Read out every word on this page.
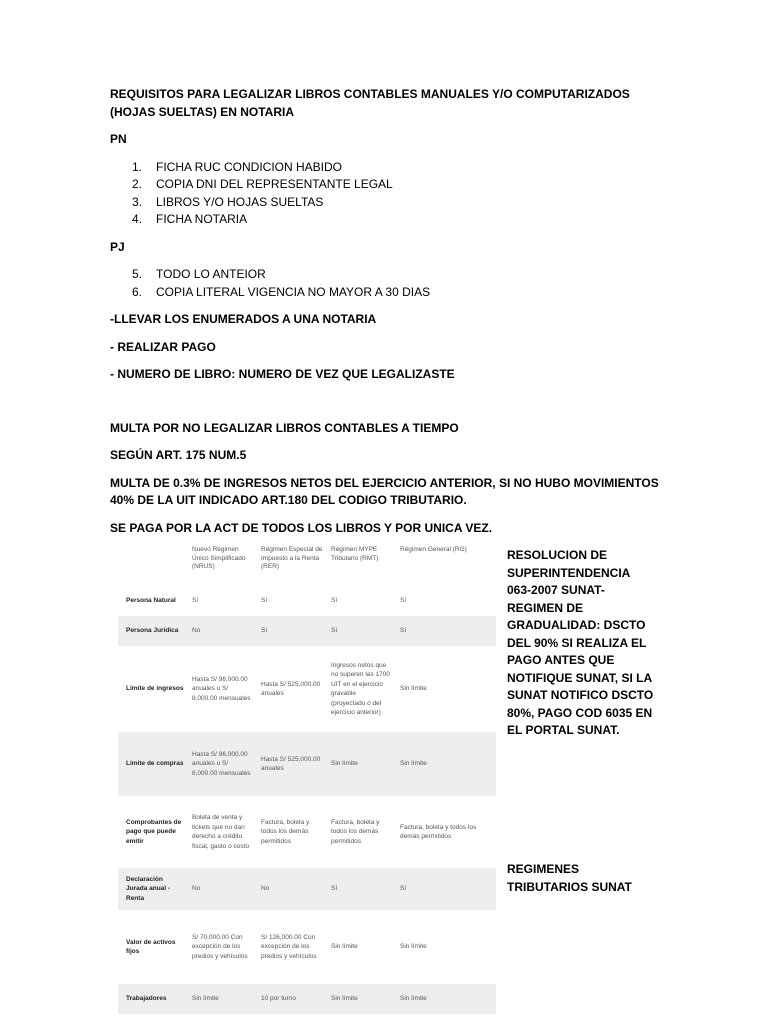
REQUISITOS PARA LEGALIZAR LIBROS CONTABLES MANUALES Y/O COMPUTARIZADOS (HOJAS SUELTAS) EN NOTARIA

PN

1. FICHA RUC CONDICION HABIDO
2. COPIA DNI DEL REPRESENTANTE LEGAL
3. LIBROS Y/O HOJAS SUELTAS
4. FICHA NOTARIA

PJ

5. TODO LO ANTEIOR
6. COPIA LITERAL VIGENCIA NO MAYOR A 30 DIAS

-LLEVAR LOS ENUMERADOS A UNA NOTARIA

- REALIZAR PAGO

- NUMERO DE LIBRO: NUMERO DE VEZ QUE LEGALIZASTE

MULTA POR NO LEGALIZAR LIBROS CONTABLES A TIEMPO

SEGÚN ART. 175 NUM.5

MULTA DE 0.3% DE INGRESOS NETOS DEL EJERCICIO ANTERIOR, SI NO HUBO MOVIMIENTOS 40% DE LA UIT INDICADO ART.180 DEL CODIGO TRIBUTARIO.

SE PAGA POR LA ACT DE TODOS LOS LIBROS Y POR UNICA VEZ.

	Nuevo Régimen Único Simplificado (NRUS)	Régimen Especial de Impuesto a la Renta (RER)	Régimen MYPE Tributario (RMT)	Régimen General (RG)
Persona Natural	Sí	Sí	Sí	Sí
Persona Jurídica	No	Sí	Sí	Sí
Límite de ingresos	Hasta S/ 96,000.00 anuales u S/ 8,000.00 mensuales	Hasta S/ 525,000.00 anuales	Ingresos netos que no superen las 1700 UIT en el ejercicio gravable (proyectado o del ejercicio anterior)	Sin límite
Límite de compras	Hasta S/ 96,000.00 anuales u S/ 8,000.00 mensuales	Hasta S/ 525,000.00 anuales	Sin límite	Sin límite
Comprobantes de pago que puede emitir	Boleta de venta y tickets que no dan derecho a crédito fiscal, gasto o costo	Factura, boleta y todos los demás permitidos	Factura, boleta y todos los demás permitidos	Factura, boleta y todos los demás permitidos
Declaración Jurada anual - Renta	No	No	Sí	Sí
Valor de activos fijos	S/ 70,000.00 Con excepción de los predios y vehículos	S/ 126,000.00 Con excepción de los predios y vehículos	Sin límite	Sin límite
Trabajadores	Sin límite	10 por turno	Sin límite	Sin límite
RESOLUCION DE SUPERINTENDENCIA 063-2007 SUNAT- REGIMEN DE GRADUALIDAD: DSCTO DEL 90% SI REALIZA EL PAGO ANTES QUE NOTIFIQUE SUNAT, SI LA SUNAT NOTIFICO DSCTO 80%, PAGO COD 6035 EN EL PORTAL SUNAT.
REGIMENES TRIBUTARIOS SUNAT
